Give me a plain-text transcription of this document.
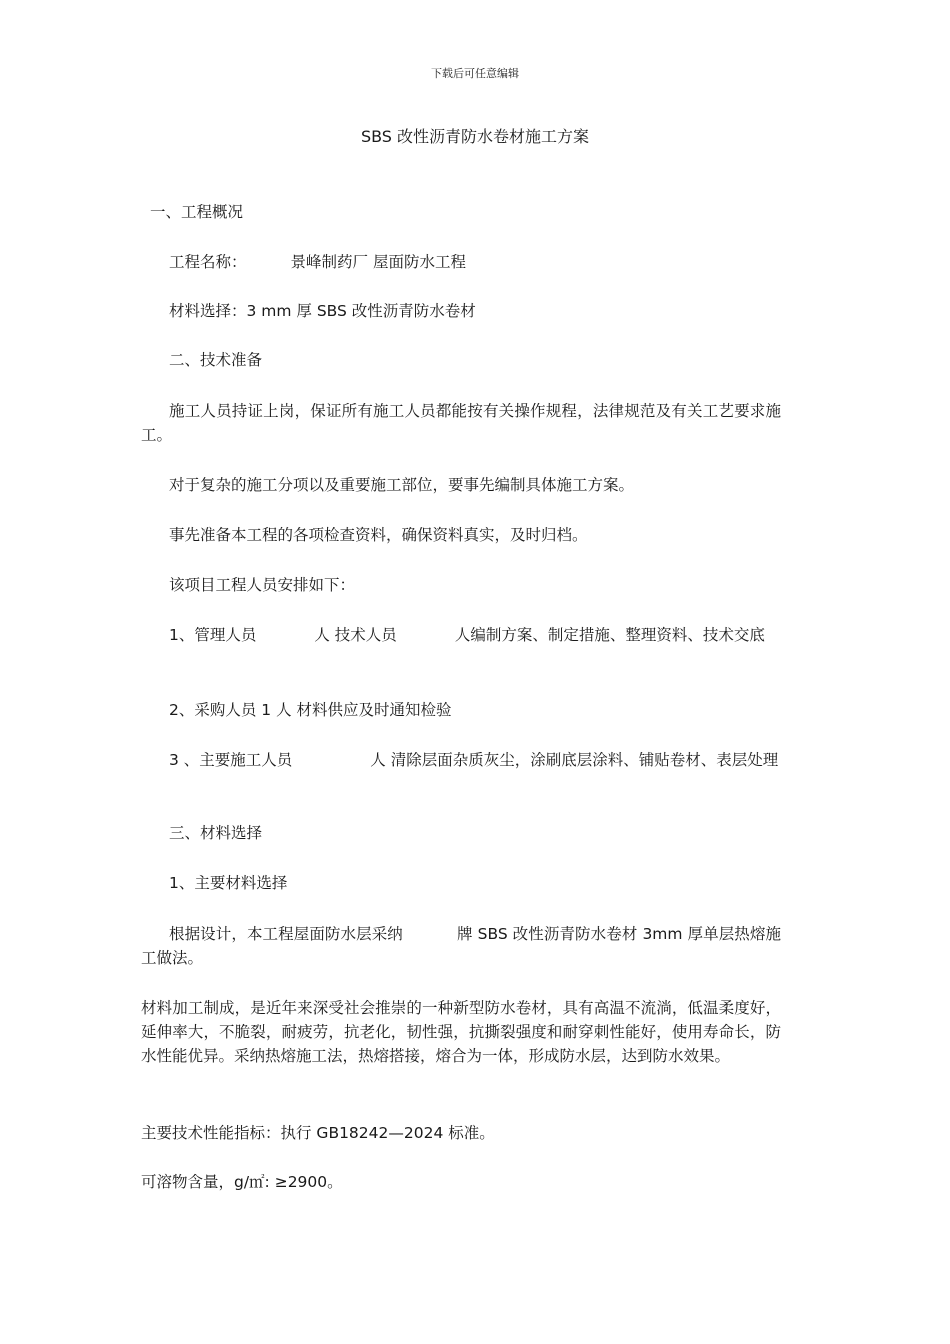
下载后可任意编辑
SBS 改性沥青防水卷材施工方案
一、工程概况
工程名称：	景峰制药厂 屋面防水工程
材料选择：3 mm 厚 SBS 改性沥青防水卷材
二、技术准备
施工人员持证上岗，保证所有施工人员都能按有关操作规程，法律规范及有关工艺要求施工。
对于复杂的施工分项以及重要施工部位，要事先编制具体施工方案。
事先准备本工程的各项检查资料，确保资料真实，及时归档。
该项目工程人员安排如下：
1、管理人员	人 技术人员	人编制方案、制定措施、整理资料、技术交底
2、采购人员 1 人 材料供应及时通知检验
3 、主要施工人员	人 清除层面杂质灰尘，涂刷底层涂料、铺贴卷材、表层处理
三、材料选择
1、主要材料选择
根据设计，本工程屋面防水层采纳	牌 SBS 改性沥青防水卷材 3mm 厚单层热熔施工做法。
材料加工制成，是近年来深受社会推崇的一种新型防水卷材，具有高温不流淌，低温柔度好，延伸率大，不脆裂，耐疲劳，抗老化，韧性强，抗撕裂强度和耐穿刺性能好，使用寿命长，防水性能优异。采纳热熔施工法，热熔搭接，熔合为一体，形成防水层，达到防水效果。
主要技术性能指标：执行 GB18242—2024 标准。
可溶物含量，g/㎡: ≥2900。
